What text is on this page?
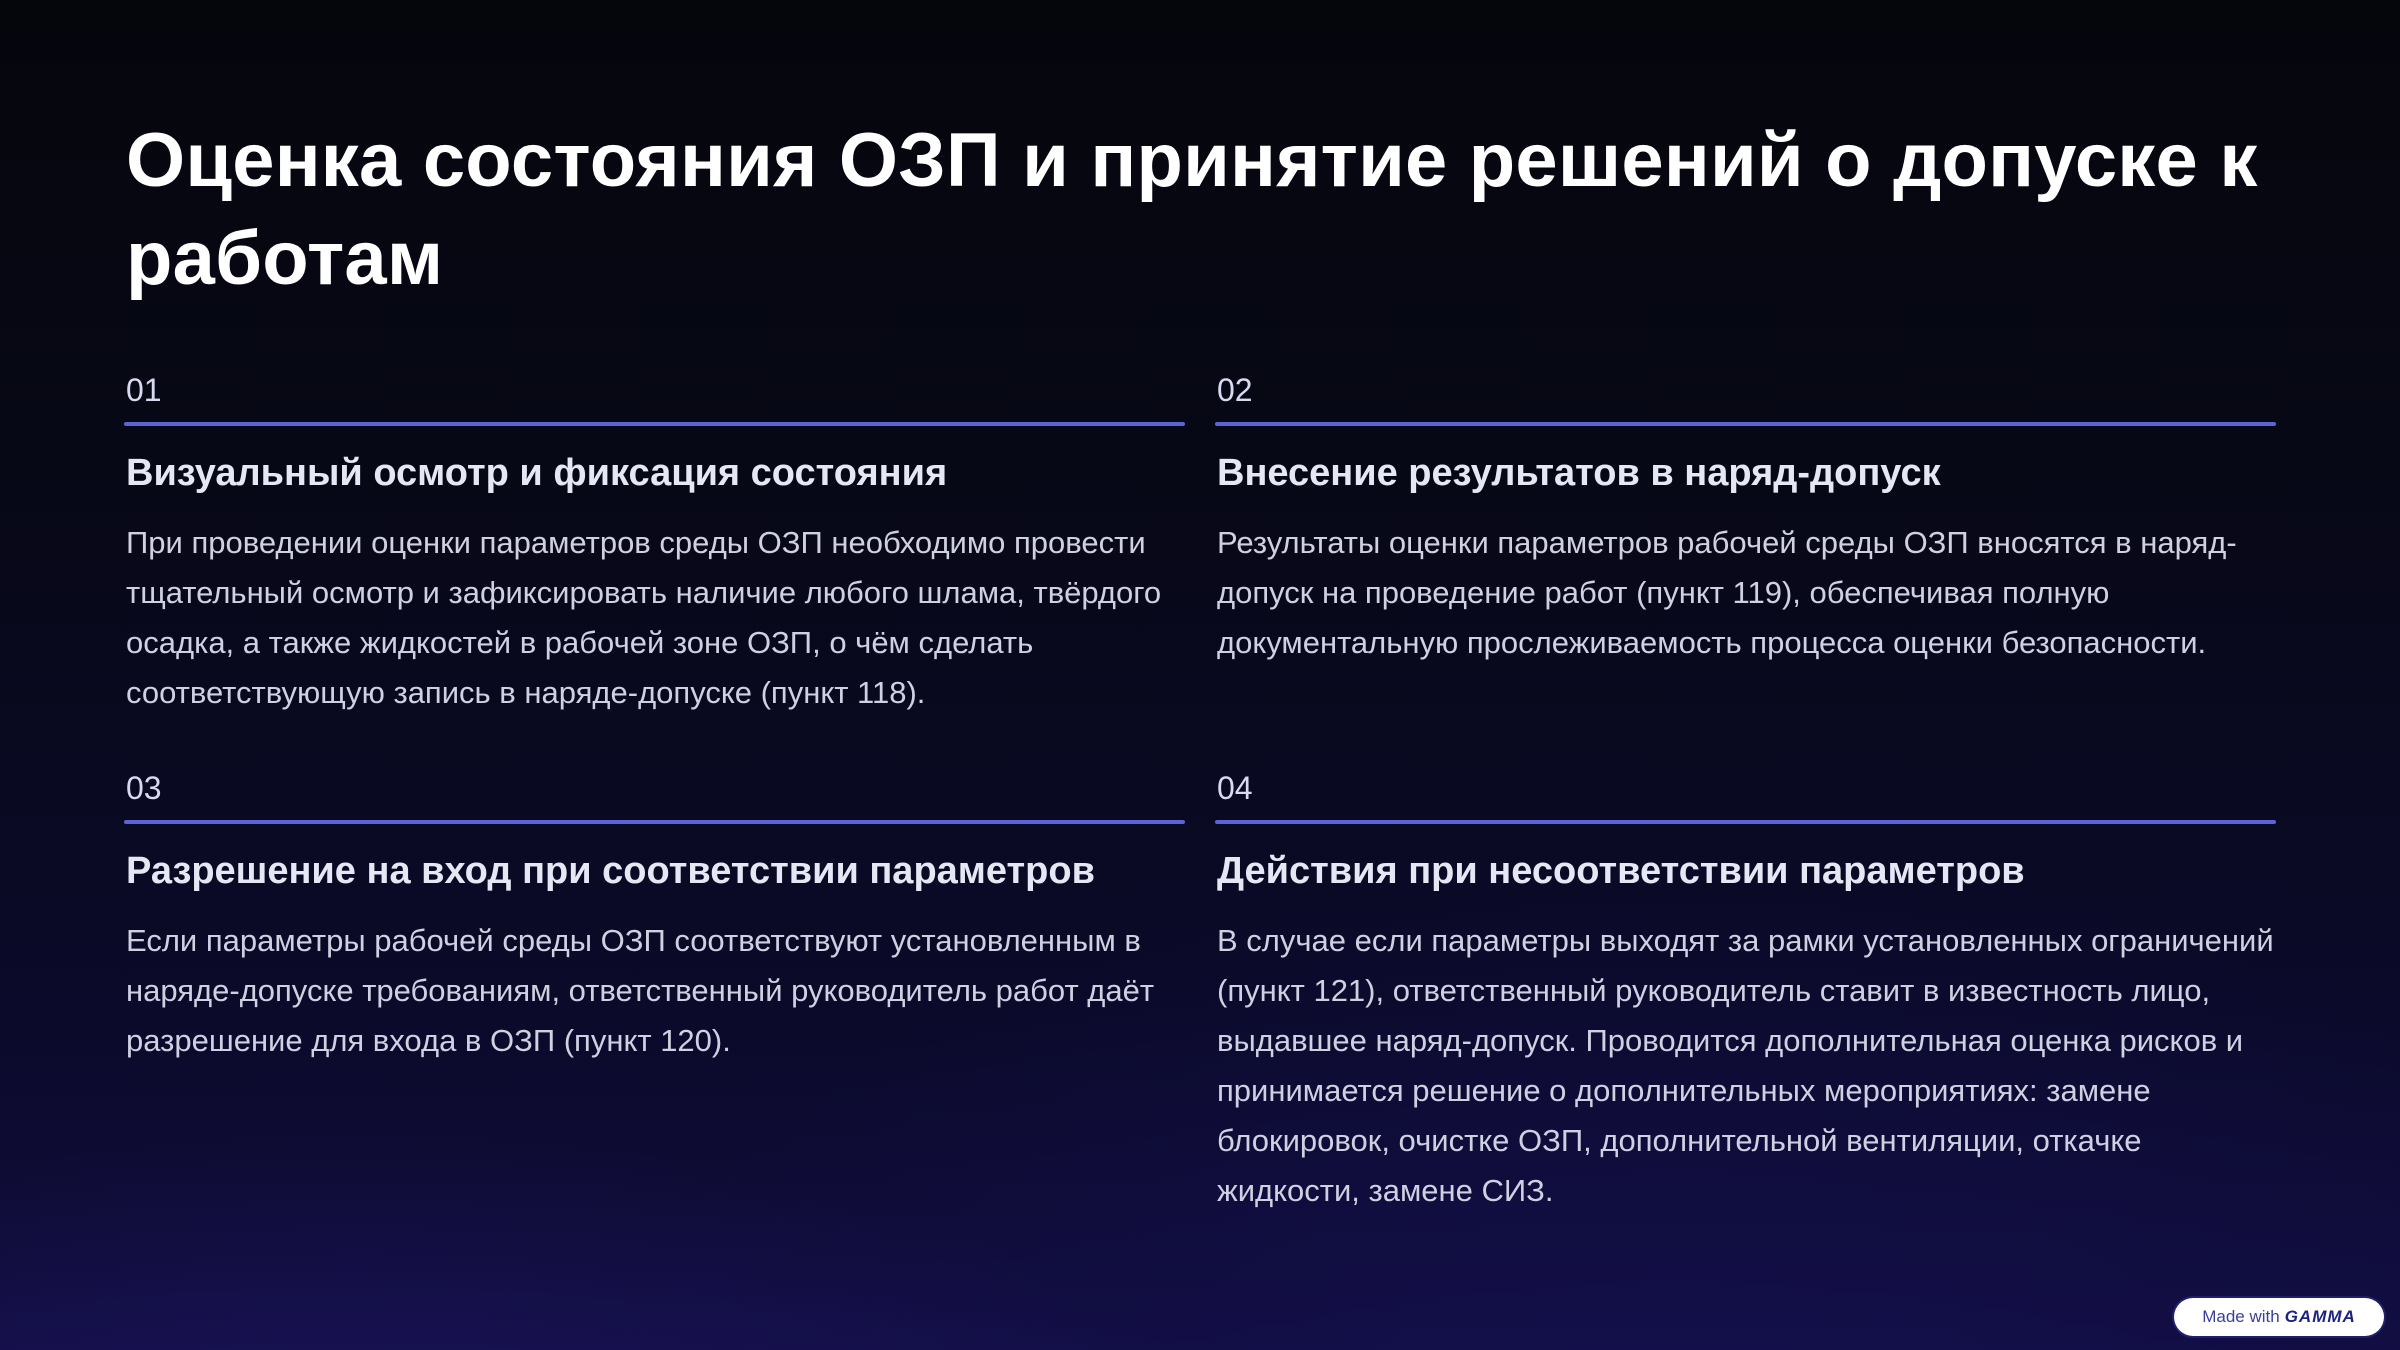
Оценка состояния ОЗП и принятие решений о допуске к работам
01
Визуальный осмотр и фиксация состояния
При проведении оценки параметров среды ОЗП необходимо провести тщательный осмотр и зафиксировать наличие любого шлама, твёрдого осадка, а также жидкостей в рабочей зоне ОЗП, о чём сделать соответствующую запись в наряде-допуске (пункт 118).
02
Внесение результатов в наряд-допуск
Результаты оценки параметров рабочей среды ОЗП вносятся в наряд-допуск на проведение работ (пункт 119), обеспечивая полную документальную прослеживаемость процесса оценки безопасности.
03
Разрешение на вход при соответствии параметров
Если параметры рабочей среды ОЗП соответствуют установленным в наряде-допуске требованиям, ответственный руководитель работ даёт разрешение для входа в ОЗП (пункт 120).
04
Действия при несоответствии параметров
В случае если параметры выходят за рамки установленных ограничений (пункт 121), ответственный руководитель ставит в известность лицо, выдавшее наряд-допуск. Проводится дополнительная оценка рисков и принимается решение о дополнительных мероприятиях: замене блокировок, очистке ОЗП, дополнительной вентиляции, откачке жидкости, замене СИЗ.
Made with GAMMA
